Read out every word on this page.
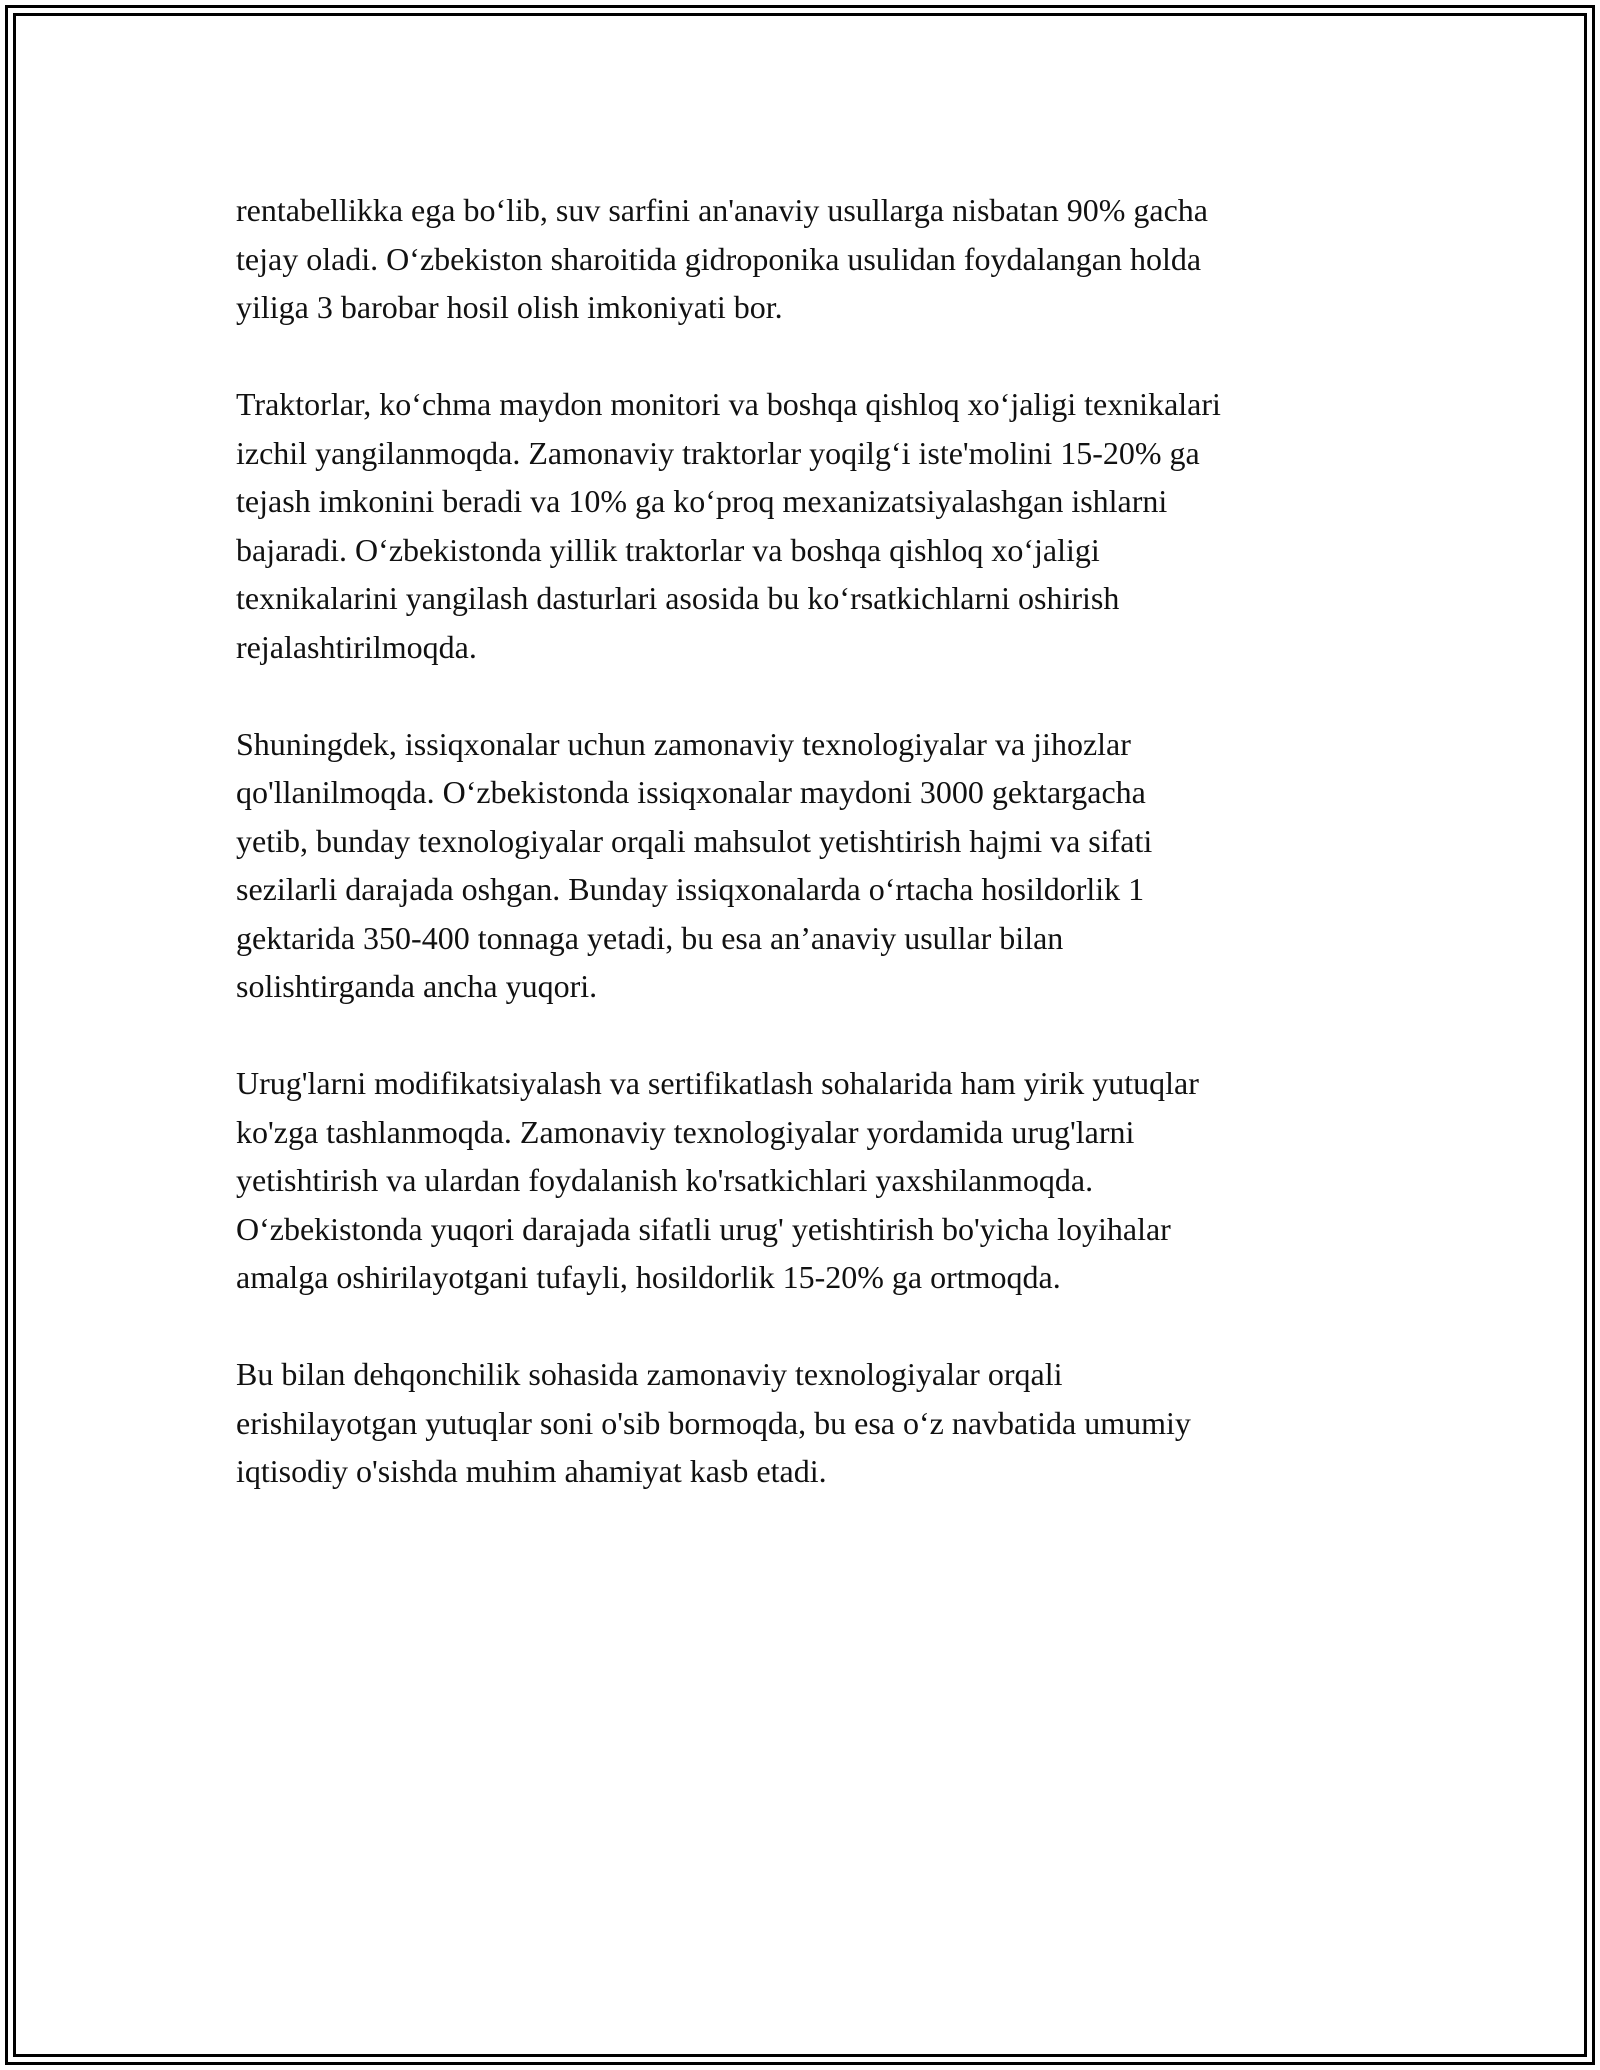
rentabellikka ega bo‘lib, suv sarfini an'anaviy usullarga nisbatan 90% gacha
tejay oladi. O‘zbekiston sharoitida gidroponika usulidan foydalangan holda
yiliga 3 barobar hosil olish imkoniyati bor.

Traktorlar, ko‘chma maydon monitori va boshqa qishloq xo‘jaligi texnikalari
izchil yangilanmoqda. Zamonaviy traktorlar yoqilg‘i iste'molini 15-20% ga
tejash imkonini beradi va 10% ga ko‘proq mexanizatsiyalashgan ishlarni
bajaradi. O‘zbekistonda yillik traktorlar va boshqa qishloq xo‘jaligi
texnikalarini yangilash dasturlari asosida bu ko‘rsatkichlarni oshirish
rejalashtirilmoqda.

Shuningdek, issiqxonalar uchun zamonaviy texnologiyalar va jihozlar
qo'llanilmoqda. O‘zbekistonda issiqxonalar maydoni 3000 gektargacha
yetib, bunday texnologiyalar orqali mahsulot yetishtirish hajmi va sifati
sezilarli darajada oshgan. Bunday issiqxonalarda o‘rtacha hosildorlik 1
gektarida 350-400 tonnaga yetadi, bu esa an’anaviy usullar bilan
solishtirganda ancha yuqori.

Urug'larni modifikatsiyalash va sertifikatlash sohalarida ham yirik yutuqlar
ko'zga tashlanmoqda. Zamonaviy texnologiyalar yordamida urug'larni
yetishtirish va ulardan foydalanish ko'rsatkichlari yaxshilanmoqda.
O‘zbekistonda yuqori darajada sifatli urug' yetishtirish bo'yicha loyihalar
amalga oshirilayotgani tufayli, hosildorlik 15-20% ga ortmoqda.

Bu bilan dehqonchilik sohasida zamonaviy texnologiyalar orqali
erishilayotgan yutuqlar soni o'sib bormoqda, bu esa o‘z navbatida umumiy
iqtisodiy o'sishda muhim ahamiyat kasb etadi.
